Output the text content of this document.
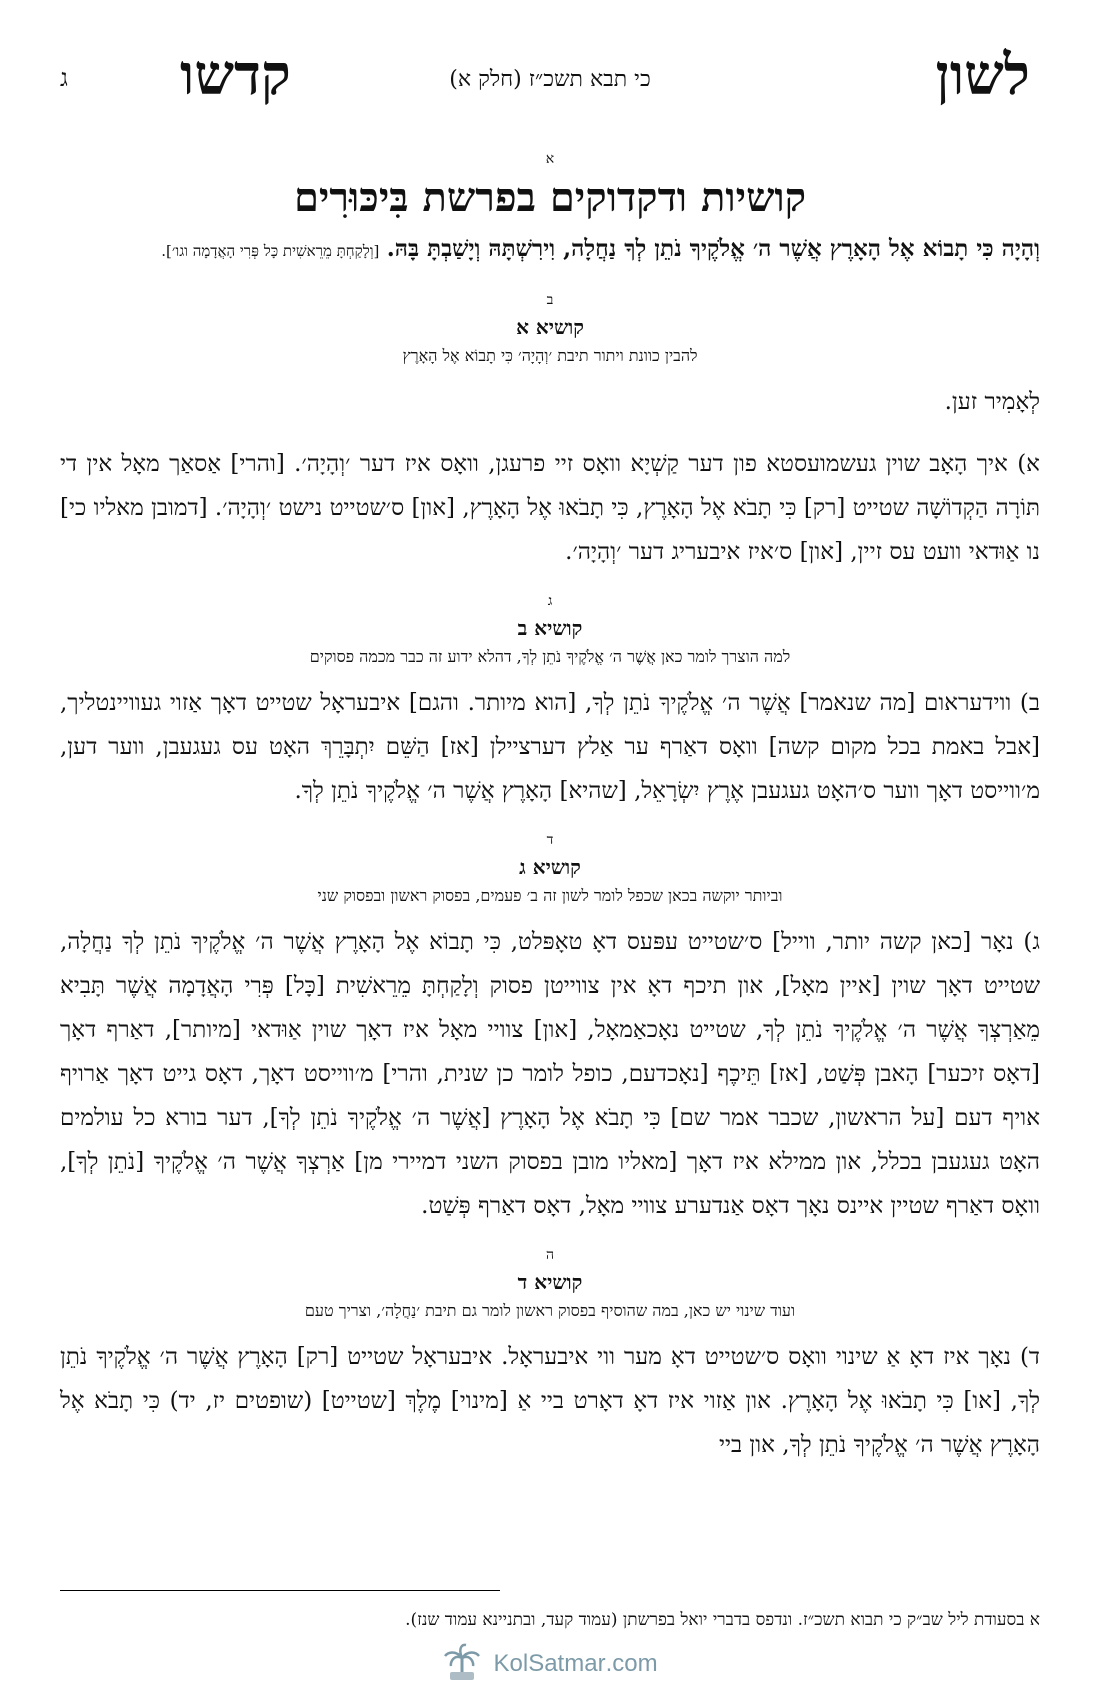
לשון
כי תבא תשכ״ז (חלק א)
קדשו
ג
א
קושיות ודקדוקים בפרשת בִּיכּוּרִים
וְהָיָה כִּי תָבוֹא אֶל הָאָרֶץ אֲשֶׁר ה׳ אֱלֹקֶיךָ נֹתֵן לְךָ נַחֲלָה, וִירִשְׁתָּהּ וְיָשַׁבְתָּ בָּהּ. [וְלָקַחְתָּ מֵרֵאשִׁית כָּל פְּרִי הָאֲדָמָה וגו׳].
ב
קושיא א
להבין כוונת ויתור תיבת ׳וְהָיָה׳ כִּי תָבוֹא אֶל הָאָרֶץ

לְאָמִיר זען.

א) איך הָאָב שוין געשמועסטא פון דער קַשְׁיָא וואָס זיי פרעגן, וואָס איז דער ׳וְהָיָה׳. [והרי] אַסאַך מאָל אין די תּוֹרָה הַקְדוֹשָׁה שטייט [רק] כִּי תָבֹא אֶל הָאָרֶץ, כִּי תָבֹאוּ אֶל הָאָרֶץ, [און] ס׳שטייט נישט ׳וְהָיָה׳. [דמובן מאליו כי] נו אַוּדאי וועט עס זיין, [און] ס׳איז איבעריג דער ׳וְהָיָה׳.

ג
קושיא ב
למה הוצרך לומר כאן אֲשֶׁר ה׳ אֱלֹקֶיךָ נֹתֵן לְךָ, דהלא ידוע זה כבר מכמה פסוקים

ב) ווידעראום [מה שנאמר] אֲשֶׁר ה׳ אֱלֹקֶיךָ נֹתֵן לְךָ, [הוא מיותר. והגם] איבעראָל שטייט דאָך אַזוי געוויינטליך, [אבל באמת בכל מקום קשה] וואָס דאַרף ער אַלץ דערציילן [אז] הַשֵּׁם יִתְבָּרֵךְ האָט עס געגעבן, ווער דען, מ׳ווייסט דאָך ווער ס׳האָט געגעבן אֶרֶץ יִשְׂרָאֵל, [שהיא] הָאָרֶץ אֲשֶׁר ה׳ אֱלֹקֶיךָ נֹתֵן לְךָ.

ד
קושיא ג
וביותר יוקשה בכאן שכפל לומר לשון זה ב׳ פעמים, בפסוק ראשון ובפסוק שני

ג) נאָר [כאן קשה יותר, ווייל] ס׳שטייט עפּעס דאָ טאָפּלט, כִּי תָבוֹא אֶל הָאָרֶץ אֲשֶׁר ה׳ אֱלֹקֶיךָ נֹתֵן לְךָ נַחֲלָה, שטייט דאָך שוין [איין מאָל], און תיכף דאָ אין צווייטן פסוק וְלָקַחְתָּ מֵרֵאשִׁית [כָּל] פְּרִי הָאֲדָמָה אֲשֶׁר תָּבִיא מֵאַרְצְךָ אֲשֶׁר ה׳ אֱלֹקֶיךָ נֹתֵן לְךָ, שטייט נאָכאַמאָל, [און] צוויי מאָל איז דאָך שוין אַוּדאי [מיותר], דאַרף דאָך [דאָס זיכער] הָאבן פְּשַׁט, [אז] תֵּיכֶף [נאָכדעם, כופל לומר כן שנית, והרי] מ׳ווייסט דאָך, דאָס גייט דאָך אַרויף אויף דעם [על הראשון, שכבר אמר שם] כִּי תָבֹא אֶל הָאָרֶץ [אֲשֶׁר ה׳ אֱלֹקֶיךָ נֹתֵן לְךָ], דער בורא כל עולמים האָט געגעבן בכלל, און ממילא איז דאָך [מאליו מובן בפסוק השני דמיירי מן] אַרְצְךָ אֲשֶׁר ה׳ אֱלֹקֶיךָ [נֹתֵן לְךָ], וואָס דאַרף שטיין איינס נאָך דאָס אַנדערע צוויי מאָל, דאָס דאַרף פְּשַׁט.

ה
קושיא ד
ועוד שינוי יש כאן, במה שהוסיף בפסוק ראשון לומר גם תיבת ׳נַחֲלָה׳, וצריך טעם

ד) נאָך איז דאָ אַ שינוי וואָס ס׳שטייט דאָ מער ווי איבעראָל. איבעראָל שטייט [רק] הָאָרֶץ אֲשֶׁר ה׳ אֱלֹקֶיךָ נֹתֵן לְךָ, [או] כִּי תָבֹאוּ אֶל הָאָרֶץ. און אַזוי איז דאָ דאָרט ביי אַ [מינוי] מֶלֶךְ [שטייט] (שופטים יז, יד) כִּי תָבֹא אֶל הָאָרֶץ אֲשֶׁר ה׳ אֱלֹקֶיךָ נֹתֵן לְךָ, און ביי

א בסעודת ליל שב״ק כי תבוא תשכ״ז. ונדפס בדברי יואל בפרשתן (עמוד קעד, ובתניינא עמוד שנז).
KolSatmar.com
